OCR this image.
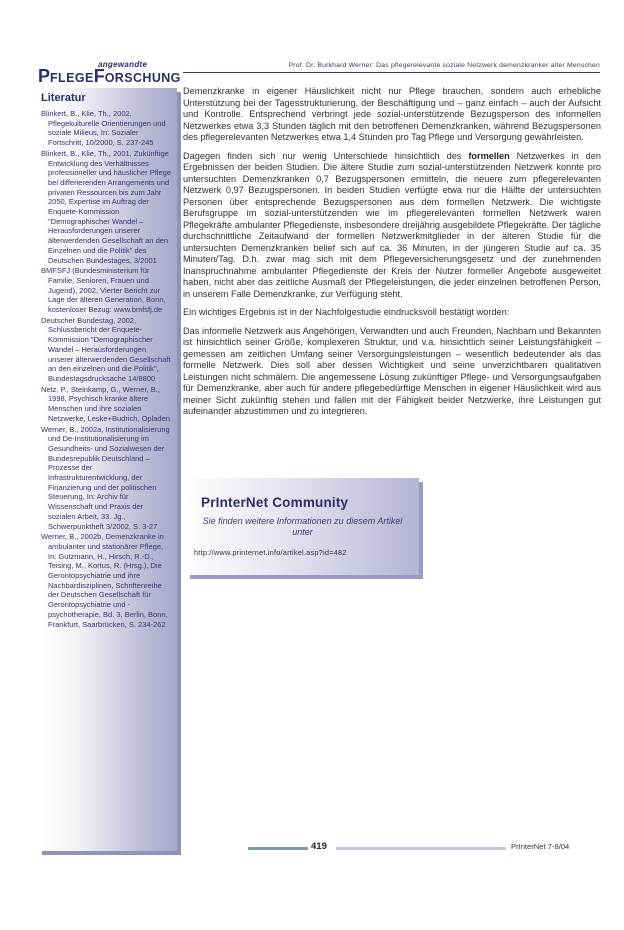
Prof. Dr. Burkhard Werner: Das pflegerelevante soziale Netzwerk demenzkranker alter Menschen
angewandte
PFLEGEFORSCHUNG
Literatur
Blinkert, B., Klie, Th., 2002, Pflegekulturelle Orientierungen und soziale Milieus, In: Sozialer Fortschritt, 10/2000, S. 237-245
Blinkert, B., Klie, Th., 2001, Zukünftige Entwicklung des Verhältnisses professioneller und häuslicher Pflege bei differierenden Arrangements und privaten Ressourcen bis zum Jahr 2050, Expertise im Auftrag der Enquete-Kommission "Demographischer Wandel – Herausforderungen unserer älterwerdenden Gesellschaft an den Einzelnen und die Politik" des Deutschen Bundestages, 3/2001
BMFSFJ (Bundesministerium für Familie, Senioren, Frauen und Jugend), 2002, Vierter Bericht zur Lage der älteren Generation, Bonn, kostenloser Bezug: www.bmfsfj.de
Deutscher Bundestag, 2002, Schlussbericht der Enquete-Kommission "Demographischer Wandel – Herausforderungen unserer älterwerdenden Gesellschaft an den einzelnen und die Politik", Bundestagsdrucksache 14/8800
Netz, P., Steinkamp, G., Werner, B., 1998, Psychisch kranke ältere Menschen und ihre sozialen Netzwerke, Leske+Budrich, Opladen
Werner, B., 2002a, Institutionalisierung und De-Institutionalisierung im Gesundheits- und Sozialwesen der Bundesrepublik Deutschland – Prozesse der Infrastrukturentwicklung, der Finanzierung und der politischen Steuerung, In: Archiv für Wissenschaft und Praxis der sozialen Arbeit, 33. Jg., Schwerpunktheft 3/2002, S. 3-27
Werner, B., 2002b, Demenzkranke in ambulanter und stationärer Pflege, In: Gutzmann, H., Hirsch, R.-D., Teising, M., Kortus, R. (Hrsg.), Die Gerontopsychiatrie und ihre Nachbardisziplinen, Schriftenreihe der Deutschen Gesellschaft für Gerontopsychiatrie und -psychotherapie, Bd. 3, Berlin, Bonn, Frankfurt, Saarbrücken, S. 234-262

Demenzkranke in eigener Häuslichkeit nicht nur Pflege brauchen, sondern auch erhebliche Unterstützung bei der Tagesstrukturierung, der Beschäftigung und – ganz einfach – auch der Aufsicht und Kontrolle. Entsprechend verbringt jede sozial-unterstützende Bezugsperson des informellen Netzwerkes etwa 3,3 Stunden täglich mit den betroffenen Demenzkranken, während Bezugspersonen des pflegerelevanten Netzwerkes etwa 1,4 Stunden pro Tag Pflege und Versorgung gewährleisten.

Dagegen finden sich nur wenig Unterschiede hinsichtlich des formellen Netzwerkes in den Ergebnissen der beiden Studien. Die ältere Studie zum sozial-unterstützenden Netzwerk konnte pro untersuchten Demenzkranken 0,7 Bezugspersonen ermitteln, die neuere zum pflegerelevanten Netzwerk 0,97 Bezugspersonen. In beiden Studien verfügte etwa nur die Hälfte der untersuchten Personen über entsprechende Bezugspersonen aus dem formellen Netzwerk. Die wichtigste Berufsgruppe im sozial-unterstützenden wie im pflegerelevanten formellen Netzwerk waren Pflegekräfte ambulanter Pflegedienste, insbesondere dreijährig ausgebildete Pflegekräfte. Der tägliche durchschnittliche Zeitaufwand der formellen Netzwerkmitglieder in der älteren Studie für die untersuchten Demenzkranken belief sich auf ca. 36 Minuten, in der jüngeren Studie auf ca. 35 Minuten/Tag. D.h. zwar mag sich mit dem Pflegeversicherungsgesetz und der zunehmenden Inanspruchnahme ambulanter Pflegedienste der Kreis der Nutzer formeller Angebote ausgeweitet haben, nicht aber das zeitliche Ausmaß der Pflegeleistungen, die jeder einzelnen betroffenen Person, in unserem Falle Demenzkranke, zur Verfügung steht.

Ein wichtiges Ergebnis ist in der Nachfolgestudie eindrucksvoll bestätigt worden:

Das informelle Netzwerk aus Angehörigen, Verwandten und auch Freunden, Nachbarn und Bekannten ist hinsichtlich seiner Größe, komplexeren Struktur, und v.a. hinsichtlich seiner Leistungsfähigkeit – gemessen am zeitlichen Umfang seiner Versorgungsleistungen – wesentlich bedeutender als das formelle Netzwerk. Dies soll aber dessen Wichtigkeit und seine unverzichtbaren qualitativen Leistungen nicht schmälern. Die angemessene Lösung zukünftiger Pflege- und Versorgungsaufgaben für Demenzkranke, aber auch für andere pflegebedürftige Menschen in eigener Häuslichkeit wird aus meiner Sicht zukünftig stehen und fallen mit der Fähigkeit beider Netzwerke, ihre Leistungen gut aufeinander abzustimmen und zu integrieren.

PrInterNet Community
Sie finden weitere Informationen zu diesem Artikel unter
http://www.printernet.info/artikel.asp?id=482
419	PrInterNet 7-8/04
